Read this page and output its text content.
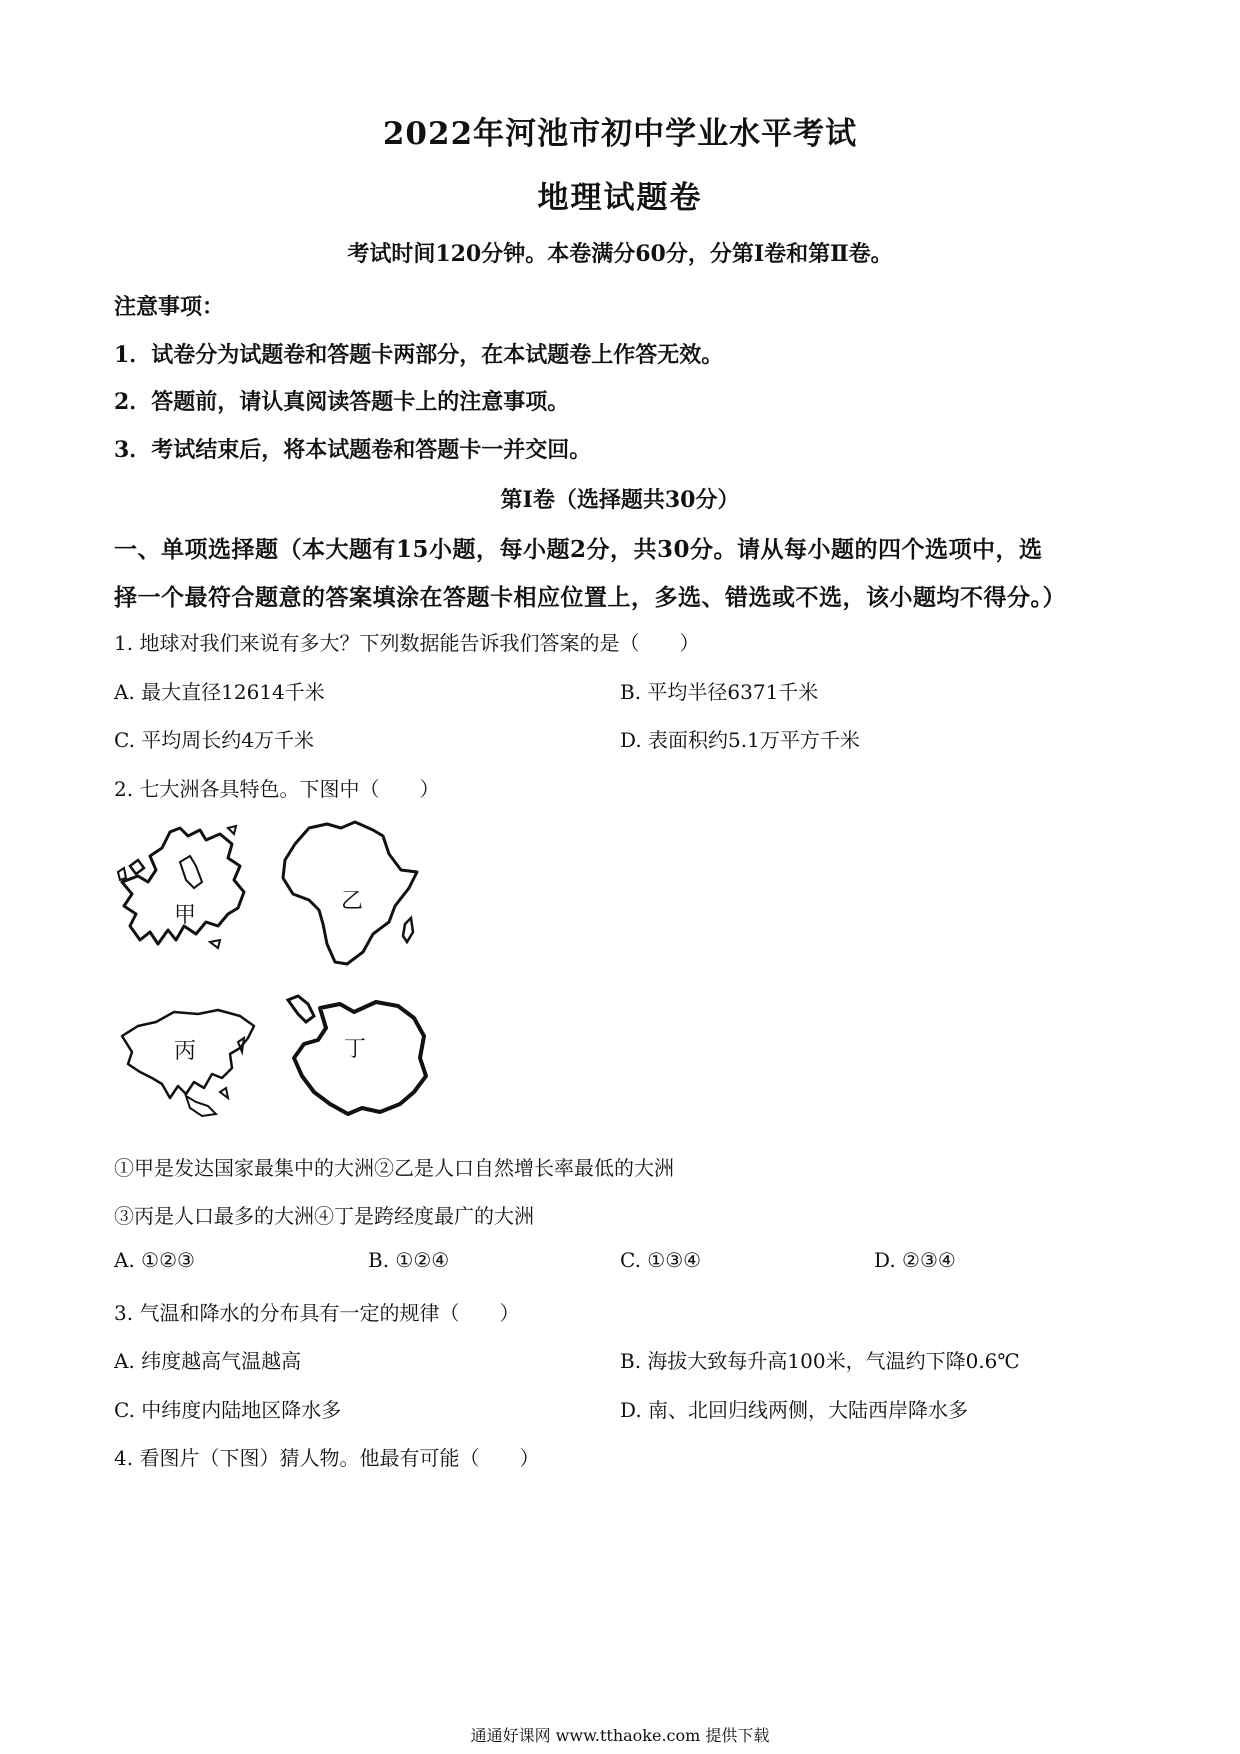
2022年河池市初中学业水平考试
地理试题卷
考试时间120分钟。本卷满分60分，分第Ⅰ卷和第Ⅱ卷。
注意事项：
1．试卷分为试题卷和答题卡两部分，在本试题卷上作答无效。
2．答题前，请认真阅读答题卡上的注意事项。
3．考试结束后，将本试题卷和答题卡一并交回。
第Ⅰ卷（选择题共30分）
一、单项选择题（本大题有15小题，每小题2分，共30分。请从每小题的四个选项中，选
择一个最符合题意的答案填涂在答题卡相应位置上，多选、错选或不选，该小题均不得分。）
1. 地球对我们来说有多大？下列数据能告诉我们答案的是（　　）
A. 最大直径12614千米	B. 平均半径6371千米
C. 平均周长约4万千米	D. 表面积约5.1万平方千米
2. 七大洲各具特色。下图中（　　）
甲
乙
丙	丁
①甲是发达国家最集中的大洲②乙是人口自然增长率最低的大洲
③丙是人口最多的大洲④丁是跨经度最广的大洲
A. ①②③	B. ①②④	C. ①③④	D. ②③④
3. 气温和降水的分布具有一定的规律（　　）
A. 纬度越高气温越高	B. 海拔大致每升高100米，气温约下降0.6℃
C. 中纬度内陆地区降水多	D. 南、北回归线两侧，大陆西岸降水多
4. 看图片（下图）猜人物。他最有可能（　　）
通通好课网 www.tthaoke.com 提供下载
